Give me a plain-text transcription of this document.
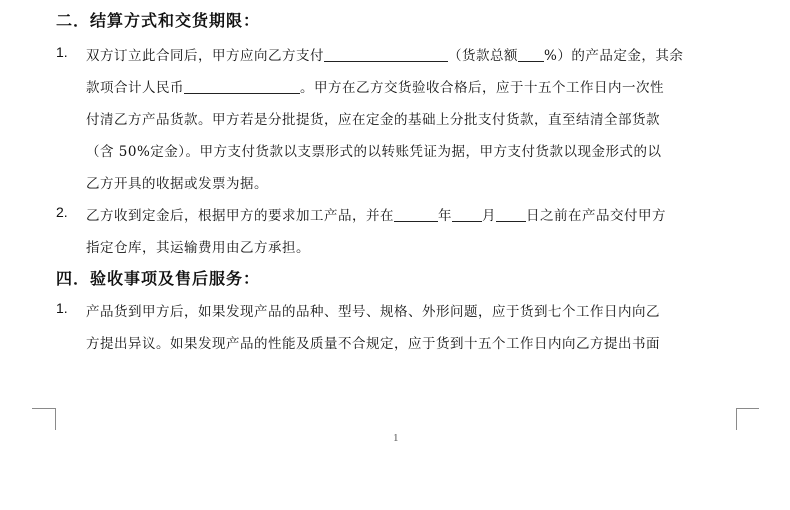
二．结算方式和交货期限：
1. 双方订立此合同后，甲方应向乙方支付	（货款总额 %）的产品定金，其余
款项合计人民币	。甲方在乙方交货验收合格后，应于十五个工作日内一次性
付清乙方产品货款。甲方若是分批提货，应在定金的基础上分批支付货款，直至结清全部货款
（含 50%定金）。甲方支付货款以支票形式的以转账凭证为据，甲方支付货款以现金形式的以
乙方开具的收据或发票为据。
2. 乙方收到定金后，根据甲方的要求加工产品，并在	年 月 日之前在产品交付甲方
指定仓库，其运输费用由乙方承担。
四．验收事项及售后服务：
1. 产品货到甲方后，如果发现产品的品种、型号、规格、外形问题，应于货到七个工作日内向乙
方提出异议。如果发现产品的性能及质量不合规定，应于货到十五个工作日内向乙方提出书面
1
